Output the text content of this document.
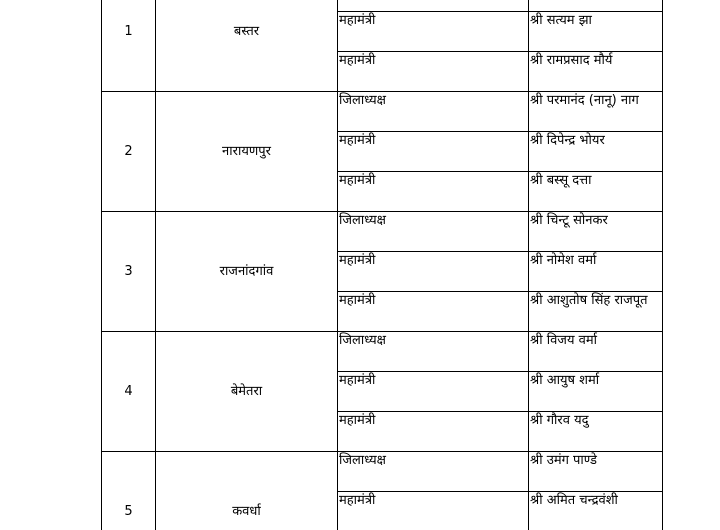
1	बस्तर		
		महामंत्री	श्री सत्यम झा
		महामंत्री	श्री रामप्रसाद मौर्य
2	नारायणपुर	जिलाध्यक्ष	श्री परमानंद (नानू) नाग
		महामंत्री	श्री दिपेन्द्र भोयर
		महामंत्री	श्री बस्सू दत्ता
3	राजनांदगांव	जिलाध्यक्ष	श्री चिन्टू सोनकर
		महामंत्री	श्री नोमेश वर्मा
		महामंत्री	श्री आशुतोष सिंह राजपूत
4	बेमेतरा	जिलाध्यक्ष	श्री विजय वर्मा
		महामंत्री	श्री आयुष शर्मा
		महामंत्री	श्री गौरव यदु
5	कवर्धा	जिलाध्यक्ष	श्री उमंग पाण्डे
		महामंत्री	श्री अमित चन्द्रवंशी
